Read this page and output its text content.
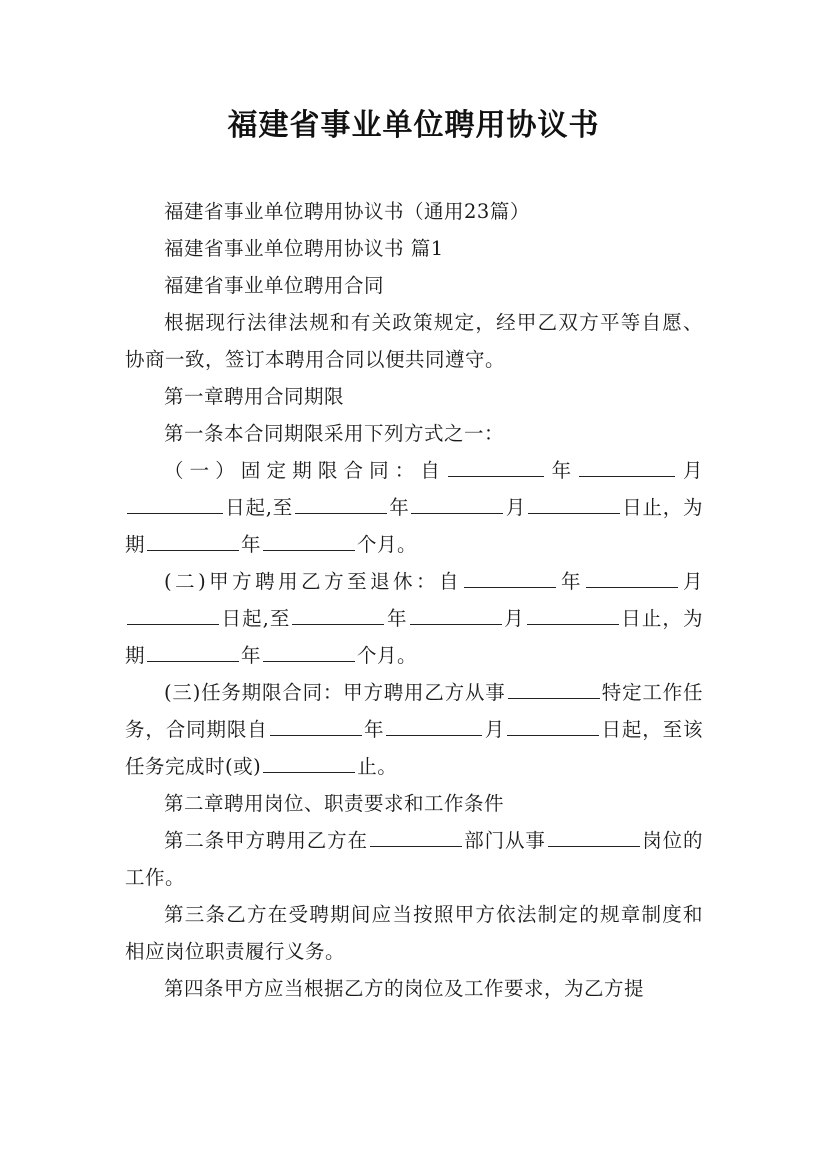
福建省事业单位聘用协议书

福建省事业单位聘用协议书（通用23篇）

福建省事业单位聘用协议书 篇1

福建省事业单位聘用合同

根据现行法律法规和有关政策规定，经甲乙双方平等自愿、协商一致，签订本聘用合同以便共同遵守。

第一章聘用合同期限

第一条本合同期限采用下列方式之一：

（一）固定期限合同：自	年	月日起,至	年	月	日止，为期	年	个月。

(二)甲方聘用乙方至退休：自	年	月日起,至	年	月	日止，为期	年	个月。

(三)任务期限合同：甲方聘用乙方从事	特定工作任务，合同期限自	年	月	日起，至该任务完成时(或)	止。

第二章聘用岗位、职责要求和工作条件

第二条甲方聘用乙方在	部门从事	岗位的工作。

第三条乙方在受聘期间应当按照甲方依法制定的规章制度和相应岗位职责履行义务。

第四条甲方应当根据乙方的岗位及工作要求，为乙方提
